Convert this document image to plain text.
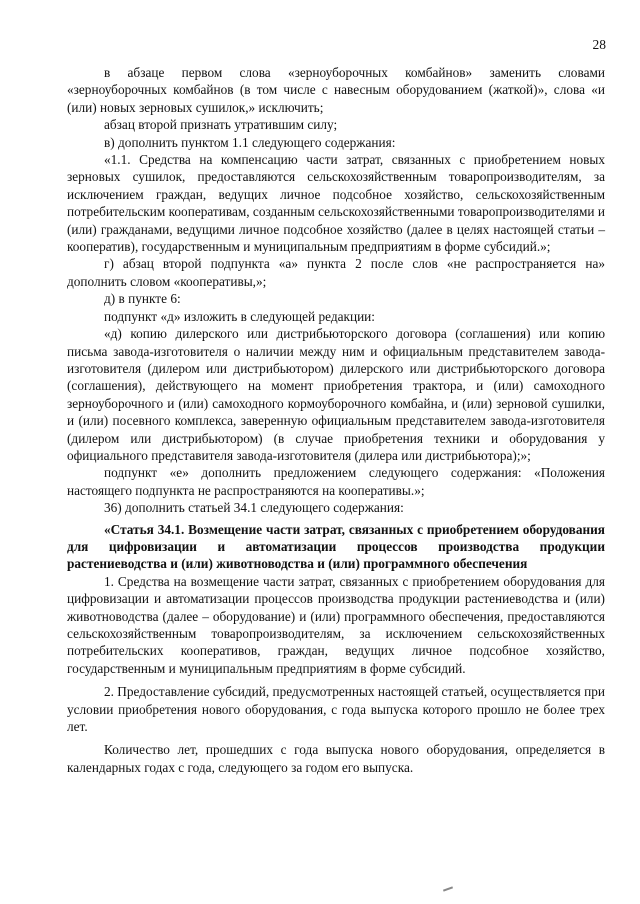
28

в абзаце первом слова «зерноуборочных комбайнов» заменить словами «зерноуборочных комбайнов (в том числе с навесным оборудованием (жаткой)», слова «и (или) новых зерновых сушилок,» исключить;

абзац второй признать утратившим силу;

в) дополнить пунктом 1.1 следующего содержания:

«1.1. Средства на компенсацию части затрат, связанных с приобретением новых зерновых сушилок, предоставляются сельскохозяйственным товаропроизводителям, за исключением граждан, ведущих личное подсобное хозяйство, сельскохозяйственным потребительским кооперативам, созданным сельскохозяйственными товаропроизводителями и (или) гражданами, ведущими личное подсобное хозяйство (далее в целях настоящей статьи – кооператив), государственным и муниципальным предприятиям в форме субсидий.»;

г) абзац второй подпункта «а» пункта 2 после слов «не распространяется на» дополнить словом «кооперативы,»;

д) в пункте 6:

подпункт «д» изложить в следующей редакции:

«д) копию дилерского или дистрибьюторского договора (соглашения) или копию письма завода-изготовителя о наличии между ним и официальным представителем завода-изготовителя (дилером или дистрибьютором) дилерского или дистрибьюторского договора (соглашения), действующего на момент приобретения трактора, и (или) самоходного зерноуборочного и (или) самоходного кормоуборочного комбайна, и (или) зерновой сушилки, и (или) посевного комплекса, заверенную официальным представителем завода-изготовителя (дилером или дистрибьютором) (в случае приобретения техники и оборудования у официального представителя завода-изготовителя (дилера или дистрибьютора);»;

подпункт «е» дополнить предложением следующего содержания: «Положения настоящего подпункта не распространяются на кооперативы.»;

36) дополнить статьей 34.1 следующего содержания:

«Статья 34.1. Возмещение части затрат, связанных с приобретением оборудования для цифровизации и автоматизации процессов производства продукции растениеводства и (или) животноводства и (или) программного обеспечения

1. Средства на возмещение части затрат, связанных с приобретением оборудования для цифровизации и автоматизации процессов производства продукции растениеводства и (или) животноводства (далее – оборудование) и (или) программного обеспечения, предоставляются сельскохозяйственным товаропроизводителям, за исключением сельскохозяйственных потребительских кооперативов, граждан, ведущих личное подсобное хозяйство, государственным и муниципальным предприятиям в форме субсидий.

2. Предоставление субсидий, предусмотренных настоящей статьей, осуществляется при условии приобретения нового оборудования, с года выпуска которого прошло не более трех лет.

Количество лет, прошедших с года выпуска нового оборудования, определяется в календарных годах с года, следующего за годом его выпуска.
